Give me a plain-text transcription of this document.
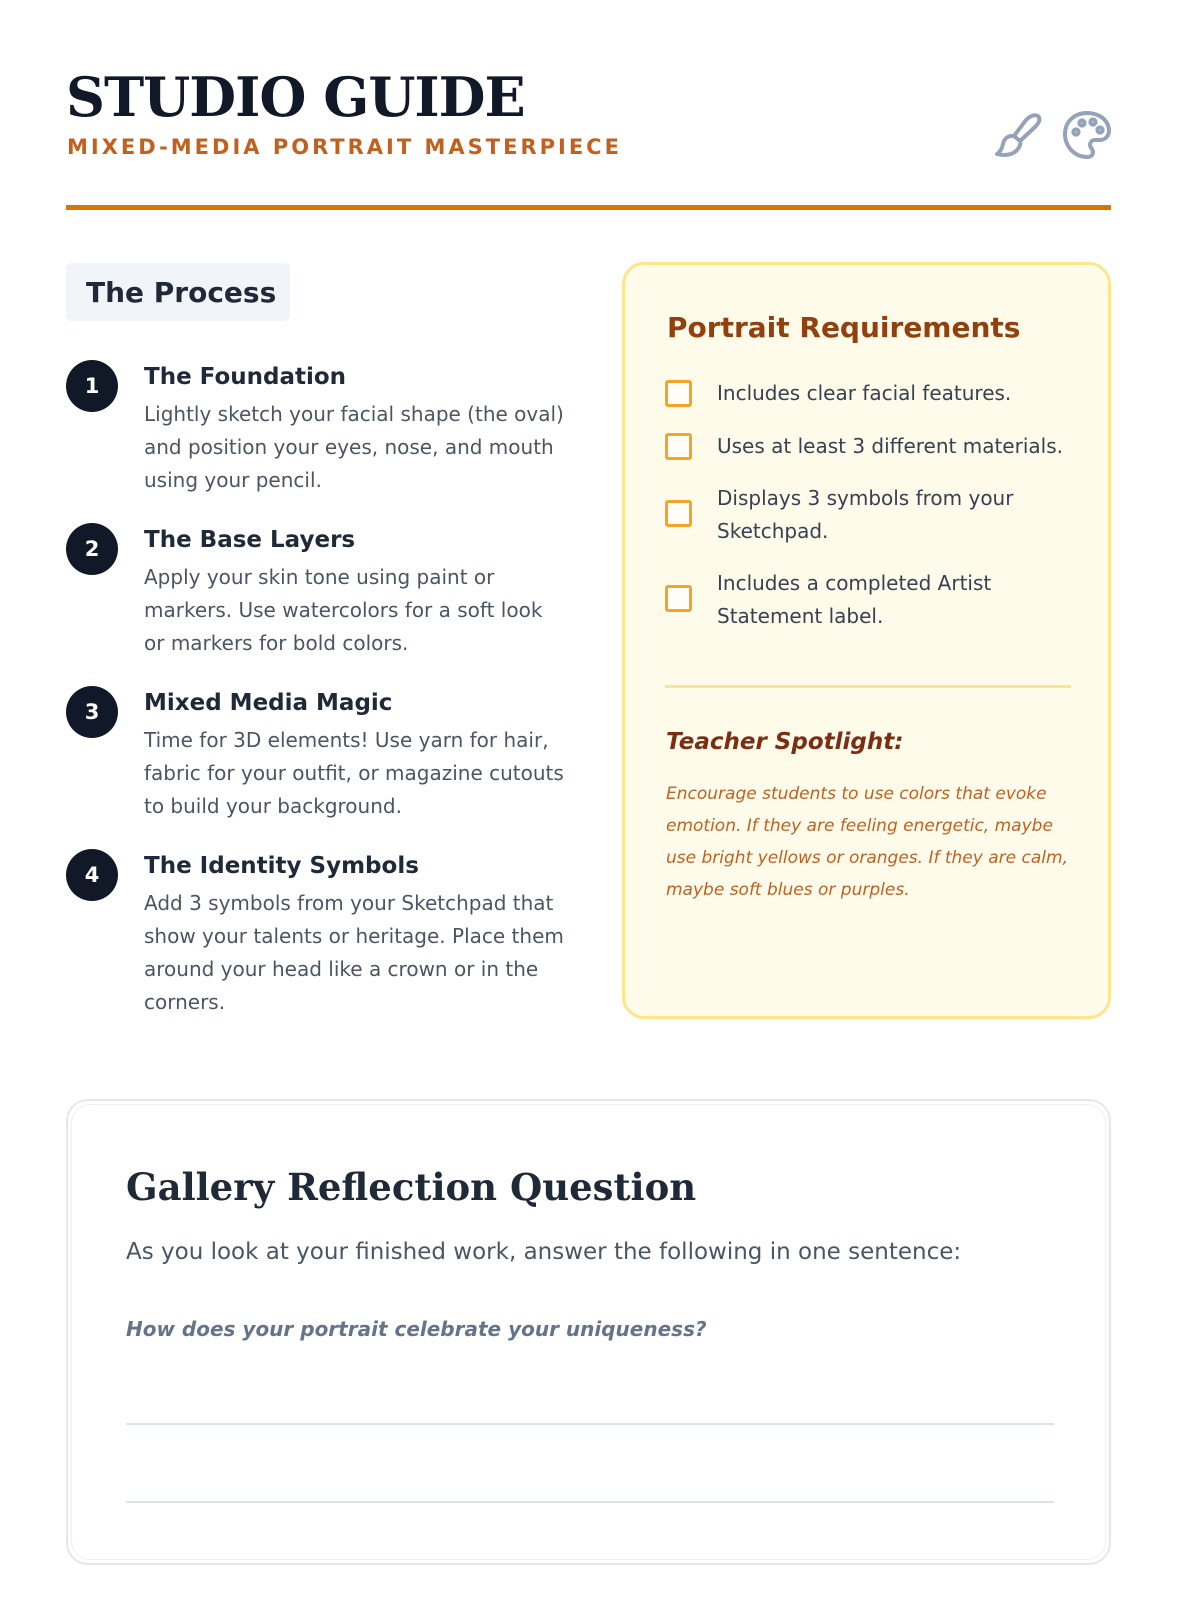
STUDIO GUIDE

MIXED-MEDIA PORTRAIT MASTERPIECE

The Process
1	The Foundation
Lightly sketch your facial shape (the oval) and position your eyes, nose, and mouth using your pencil.
2	The Base Layers
Apply your skin tone using paint or markers. Use watercolors for a soft look or markers for bold colors.
3	Mixed Media Magic
Time for 3D elements! Use yarn for hair, fabric for your outfit, or magazine cutouts to build your background.
4	The Identity Symbols
Add 3 symbols from your Sketchpad that show your talents or heritage. Place them around your head like a crown or in the corners.
Portrait Requirements
Includes clear facial features.
Uses at least 3 different materials.
Displays 3 symbols from your Sketchpad.
Includes a completed Artist Statement label.
Teacher Spotlight:

Encourage students to use colors that evoke emotion. If they are feeling energetic, maybe use bright yellows or oranges. If they are calm, maybe soft blues or purples.

Gallery Reflection Question

As you look at your finished work, answer the following in one sentence:

How does your portrait celebrate your uniqueness?
